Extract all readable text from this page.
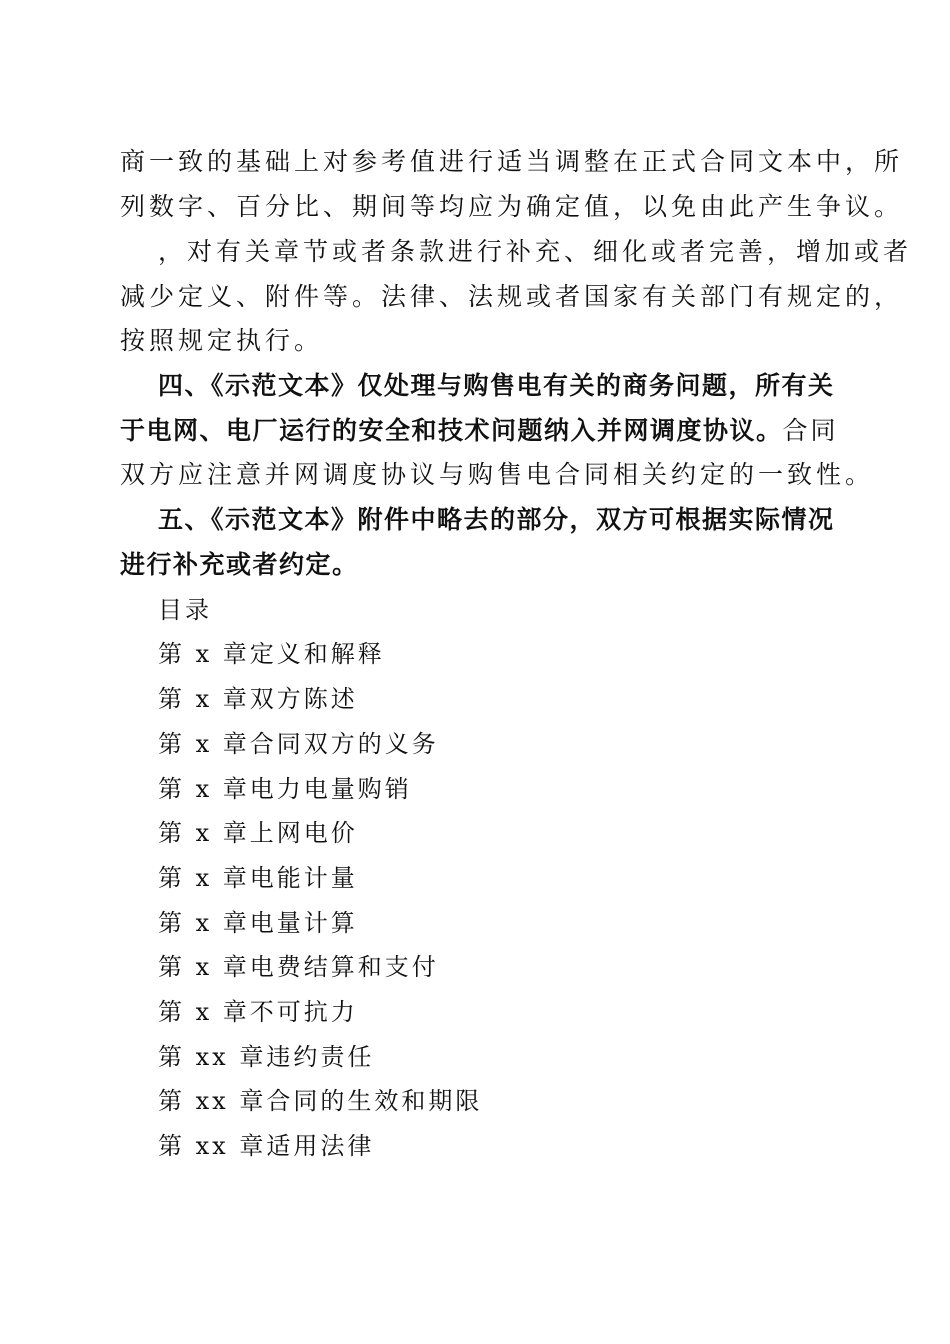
商一致的基础上对参考值进行适当调整在正式合同文本中，所
列数字、百分比、期间等均应为确定值，以免由此产生争议。
，对有关章节或者条款进行补充、细化或者完善，增加或者
减少定义、附件等。法律、法规或者国家有关部门有规定的，
按照规定执行。
四、《示范文本》仅处理与购售电有关的商务问题，所有关
于电网、电厂运行的安全和技术问题纳入并网调度协议。合同
双方应注意并网调度协议与购售电合同相关约定的一致性。
五、《示范文本》附件中略去的部分，双方可根据实际情况
进行补充或者约定。
目录
第 x 章定义和解释
第 x 章双方陈述
第 x 章合同双方的义务
第 x 章电力电量购销
第 x 章上网电价
第 x 章电能计量
第 x 章电量计算
第 x 章电费结算和支付
第 x 章不可抗力
第 xx 章违约责任
第 xx 章合同的生效和期限
第 xx 章适用法律
